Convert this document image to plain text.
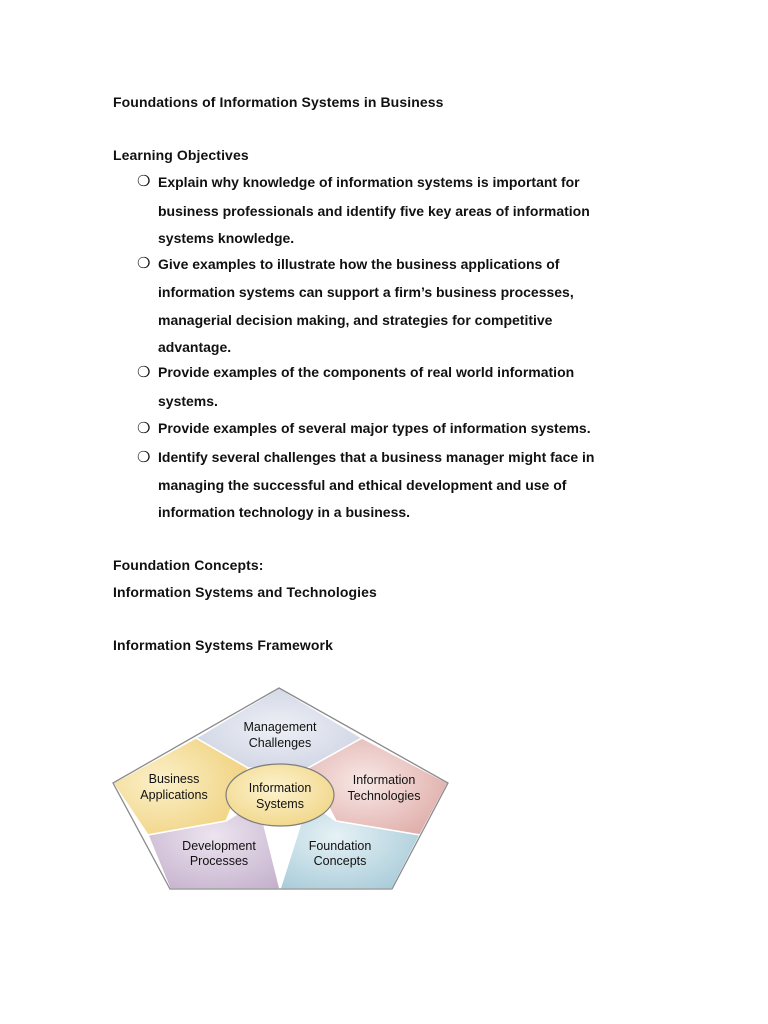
Foundations of Information Systems in Business
Learning Objectives
❍ Explain why knowledge of information systems is important for
business professionals and identify five key areas of information
systems knowledge.
❍ Give examples to illustrate how the business applications of
information systems can support a firm’s business processes,
managerial decision making, and strategies for competitive
advantage.
❍ Provide examples of the components of real world information
systems.
❍ Provide examples of several major types of information systems.
❍ Identify several challenges that a business manager might face in
managing the successful and ethical development and use of
information technology in a business.
Foundation Concepts:
Information Systems and Technologies
Information Systems Framework
Management
Challenges
Business
Applications
Information
Technologies
Information
Systems
Development
Processes
Foundation
Concepts
